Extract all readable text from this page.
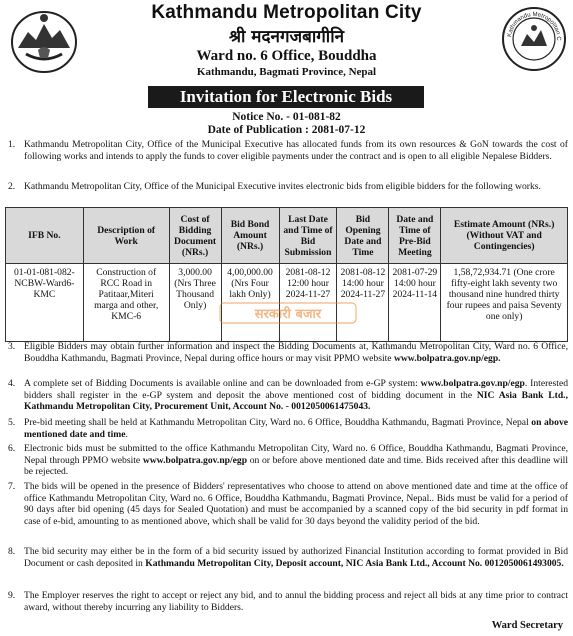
Kathmandu Metropolitan City
श्री मदनगजबागीनि
Ward no. 6 Office, Bouddha
Kathmandu, Bagmati Province, Nepal
Kathmandu Metropolitan C
Invitation for Electronic Bids
Notice No. - 01-081-82
Date of Publication : 2081-07-12
1. Kathmandu Metropolitan City, Office of the Municipal Executive has allocated funds from its own resources & GoN towards the cost of following works and intends to apply the funds to cover eligible payments under the contract and is open to all eligible Nepalese Bidders.
2. Kathmandu Metropolitan City, Office of the Municipal Executive invites electronic bids from eligible bidders for the following works.
IFB No.	Description of Work	Cost of Bidding Document (NRs.)	Bid Bond Amount (NRs.)	Last Date and Time of Bid Submission	Bid Opening Date and Time	Date and Time of Pre-Bid Meeting	Estimate Amount (NRs.) (Without VAT and Contingencies)
01-01-081-082-NCBW-Ward6-KMC	Construction of RCC Road in Patitaar,Miteri marga and other, KMC-6	3,000.00 (Nrs Three Thousand Only)	4,00,000.00 (Nrs Four lakh Only)	2081-08-12 12:00 hour 2024-11-27	2081-08-12 14:00 hour 2024-11-27	2081-07-29 14:00 hour 2024-11-14	1,58,72,934.71 (One crore fifty-eight lakh seventy two thousand nine hundred thirty four rupees and paisa Seventy one only)
सरकारी बजार
3. Eligible Bidders may obtain further information and inspect the Bidding Documents at, Kathmandu Metropolitan City, Ward no. 6 Office, Bouddha Kathmandu, Bagmati Province, Nepal during office hours or may visit PPMO website www.bolpatra.gov.np/egp.
4. A complete set of Bidding Documents is available online and can be downloaded from e-GP system: www.bolpatra.gov.np/egp. Interested bidders shall register in the e-GP system and deposit the above mentioned cost of bidding document in the NIC Asia Bank Ltd., Kathmandu Metropolitan City, Procurement Unit, Account No. - 0012050061475043.
5. Pre-bid meeting shall be held at Kathmandu Metropolitan City, Ward no. 6 Office, Bouddha Kathmandu, Bagmati Province, Nepal on above mentioned date and time.
6. Electronic bids must be submitted to the office Kathmandu Metropolitan City, Ward no. 6 Office, Bouddha Kathmandu, Bagmati Province, Nepal through PPMO website www.bolpatra.gov.np/egp on or before above mentioned date and time. Bids received after this deadline will be rejected.
7. The bids will be opened in the presence of Bidders' representatives who choose to attend on above mentioned date and time at the office of office Kathmandu Metropolitan City, Ward no. 6 Office, Bouddha Kathmandu, Bagmati Province, Nepal.. Bids must be valid for a period of 90 days after bid opening (45 days for Sealed Quotation) and must be accompanied by a scanned copy of the bid security in pdf format in case of e-bid, amounting to as mentioned above, which shall be valid for 30 days beyond the validity period of the bid.
8. The bid security may either be in the form of a bid security issued by authorized Financial Institution according to format provided in Bid Document or cash deposited in Kathmandu Metropolitan City, Deposit account, NIC Asia Bank Ltd., Account No. 0012050061493005.
9. The Employer reserves the right to accept or reject any bid, and to annul the bidding process and reject all bids at any time prior to contract award, without thereby incurring any liability to Bidders.
Ward Secretary
